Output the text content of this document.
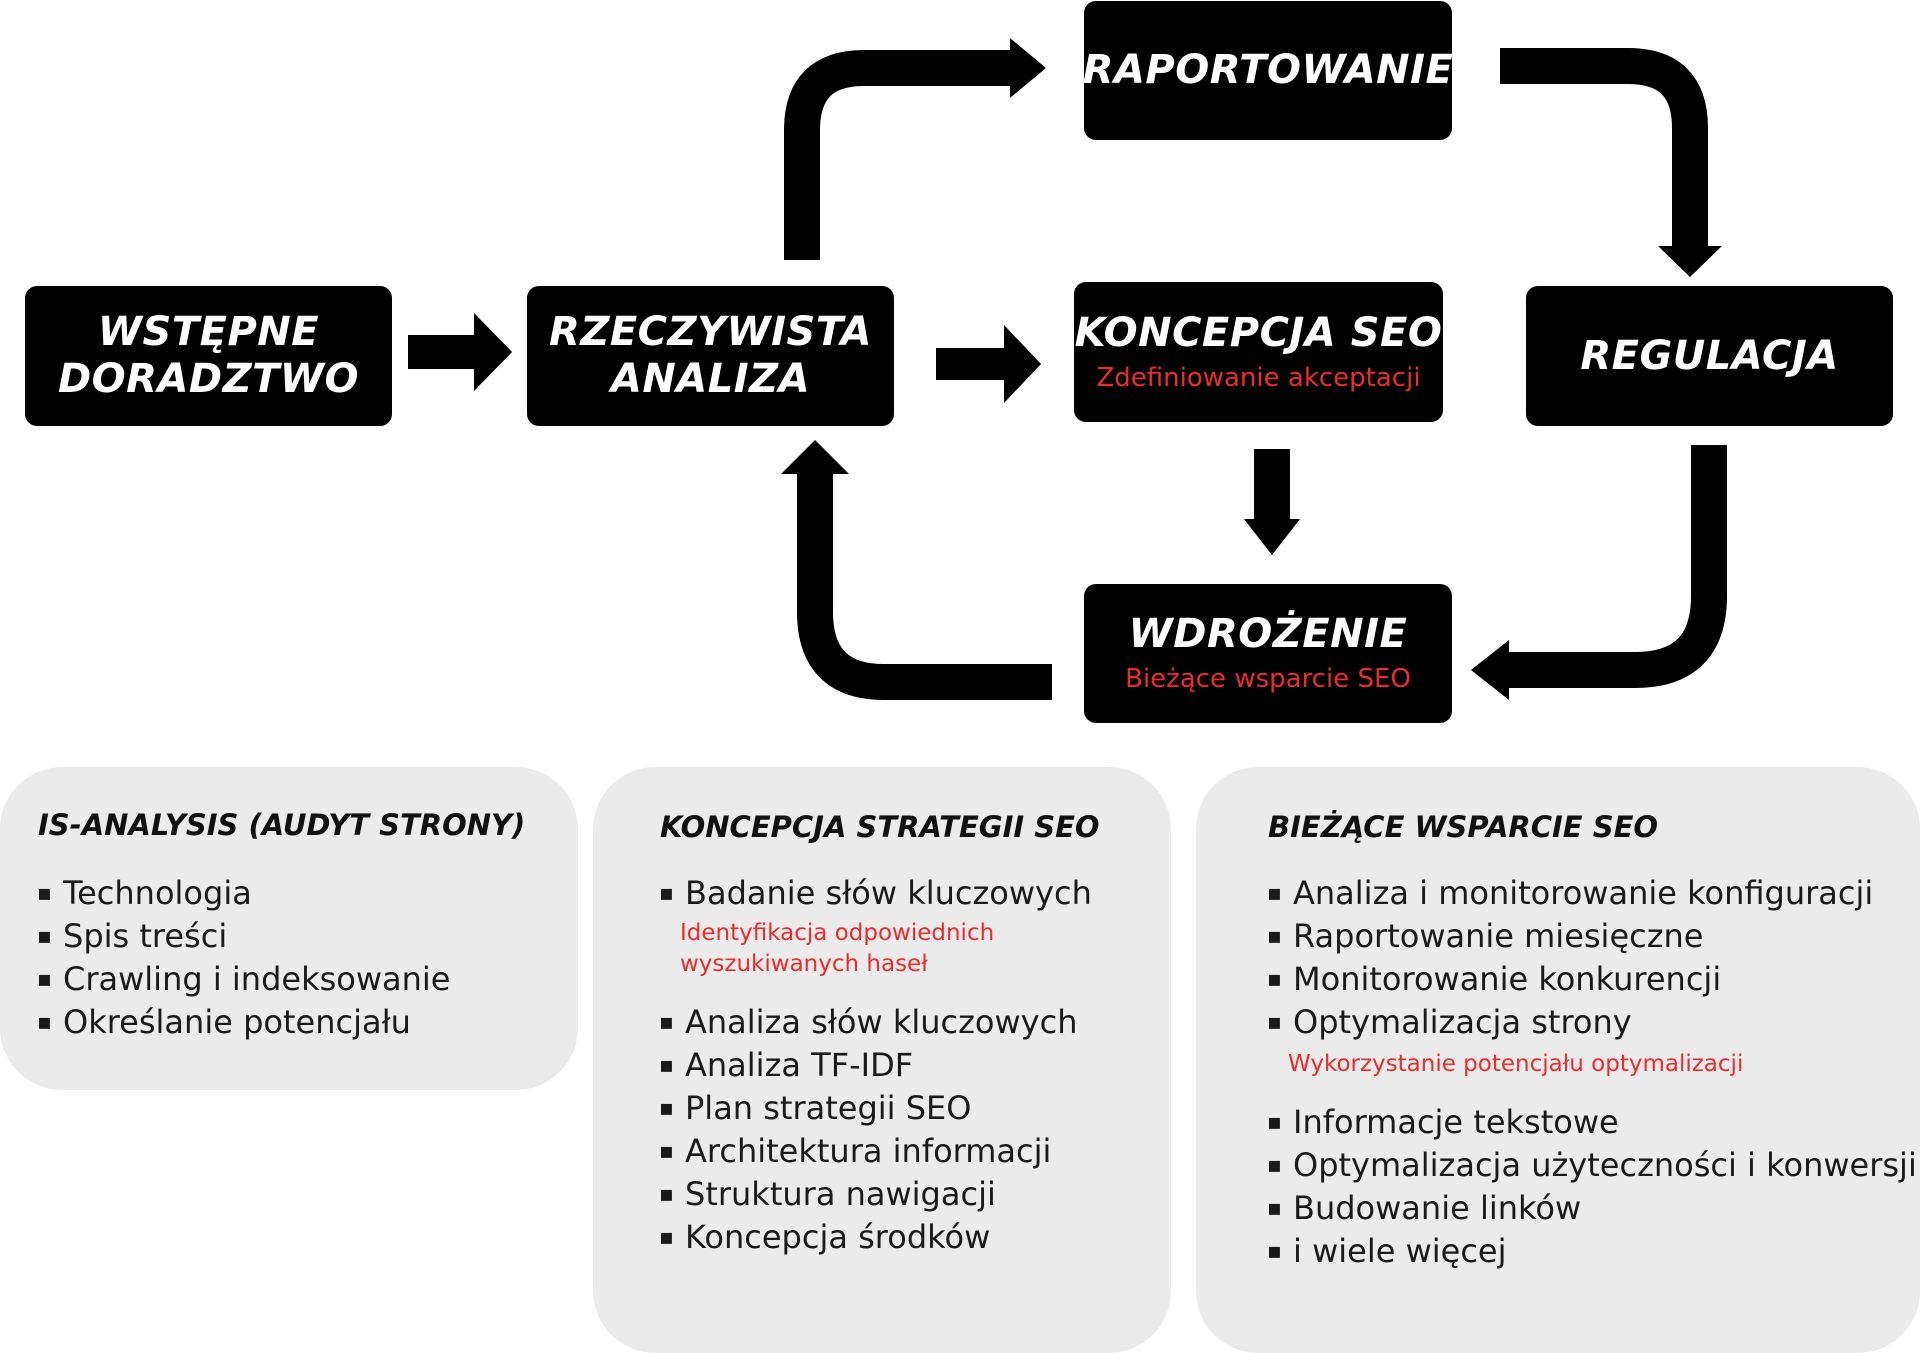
WSTĘPNE
DORADZTWO
RZECZYWISTA
ANALIZA
KONCEPCJA SEO
Zdefiniowanie akceptacji
RAPORTOWANIE
REGULACJA
WDROŻENIE
Bieżące wsparcie SEO
IS-ANALYSIS (AUDYT STRONY)
▪ Technologia
▪ Spis treści
▪ Crawling i indeksowanie
▪ Określanie potencjału
KONCEPCJA STRATEGII SEO
▪ Badanie słów kluczowych
Identyfikacja odpowiednich
wyszukiwanych haseł
▪ Analiza słów kluczowych
▪ Analiza TF-IDF
▪ Plan strategii SEO
▪ Architektura informacji
▪ Struktura nawigacji
▪ Koncepcja środków
BIEŻĄCE WSPARCIE SEO
▪ Analiza i monitorowanie konfiguracji
▪ Raportowanie miesięczne
▪ Monitorowanie konkurencji
▪ Optymalizacja strony
Wykorzystanie potencjału optymalizacji
▪ Informacje tekstowe
▪ Optymalizacja użyteczności i konwersji
▪ Budowanie linków
▪ i wiele więcej
